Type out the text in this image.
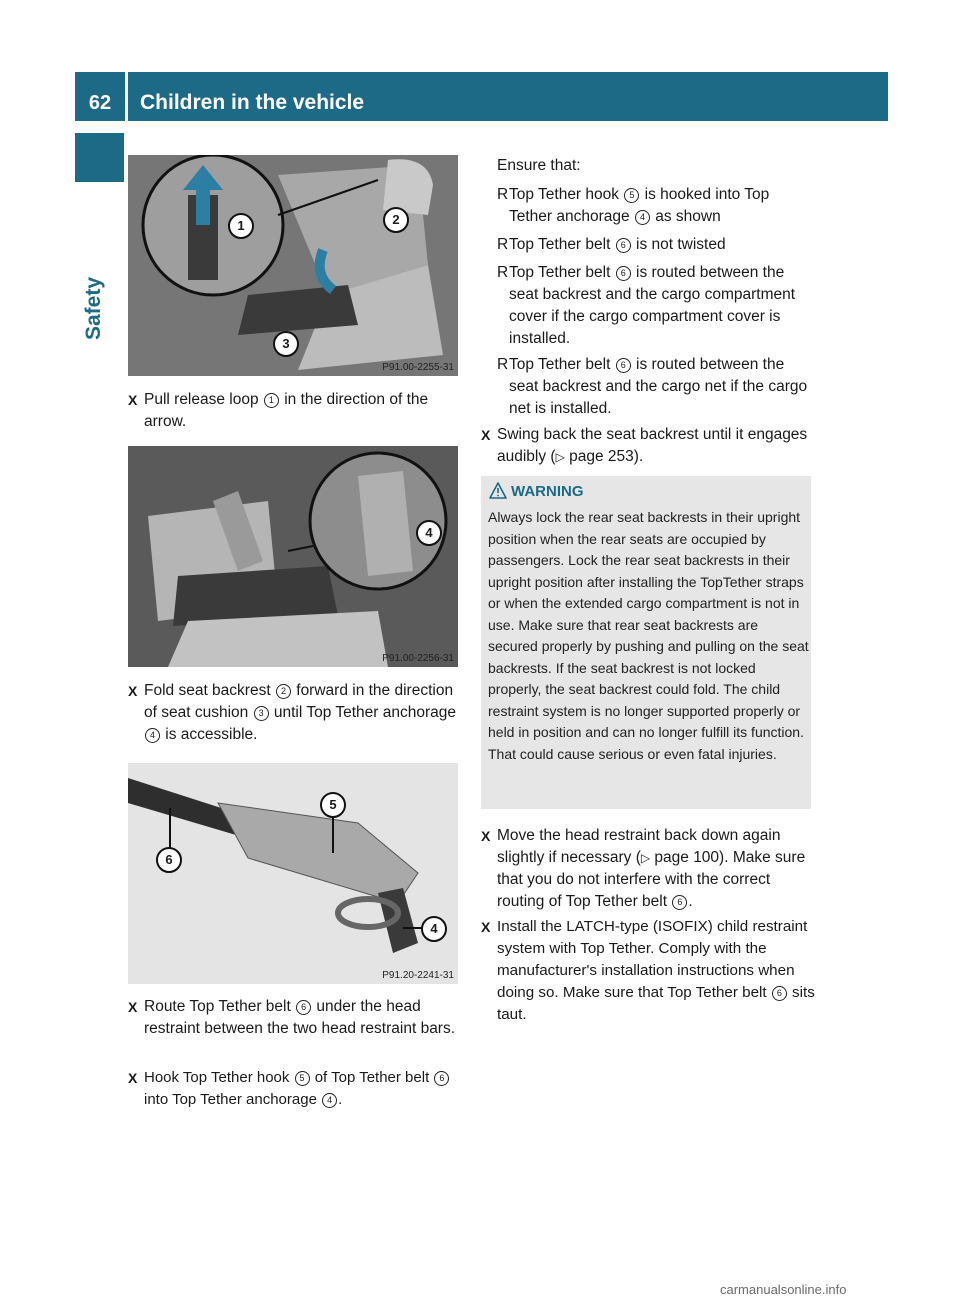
62	Children in the vehicle
Safety
1	2
3
P91.00-2255-31
X Pull release loop 1 in the direction of the arrow.
4
P91.00-2256-31
X Fold seat backrest 2 forward in the direction of seat cushion 3 until Top Tether anchorage 4 is accessible.
5
6
4
P91.20-2241-31
X Route Top Tether belt 6 under the head restraint between the two head restraint bars.
X Hook Top Tether hook 5 of Top Tether belt 6 into Top Tether anchorage 4 .
Ensure that:
R Top Tether hook 5 is hooked into Top Tether anchorage 4 as shown
R Top Tether belt 6 is not twisted
R Top Tether belt 6 is routed between the seat backrest and the cargo compartment cover if the cargo compartment cover is installed.
R Top Tether belt 6 is routed between the seat backrest and the cargo net if the cargo net is installed.
X Swing back the seat backrest until it engages audibly (▷ page 253).
WARNING
Always lock the rear seat backrests in their upright position when the rear seats are occupied by passengers. Lock the rear seat backrests in their upright position after installing the TopTether straps or when the extended cargo compartment is not in use. Make sure that rear seat backrests are secured properly by pushing and pulling on the seat backrests. If the seat backrest is not locked properly, the seat backrest could fold. The child restraint system is no longer supported properly or held in position and can no longer fulfill its function. That could cause serious or even fatal injuries.
X Move the head restraint back down again slightly if necessary (▷ page 100). Make sure that you do not interfere with the correct routing of Top Tether belt 6 .
X Install the LATCH-type (ISOFIX) child restraint system with Top Tether. Comply with the manufacturer's installation instructions when doing so. Make sure that Top Tether belt 6 sits taut.
carmanualsonline.info
